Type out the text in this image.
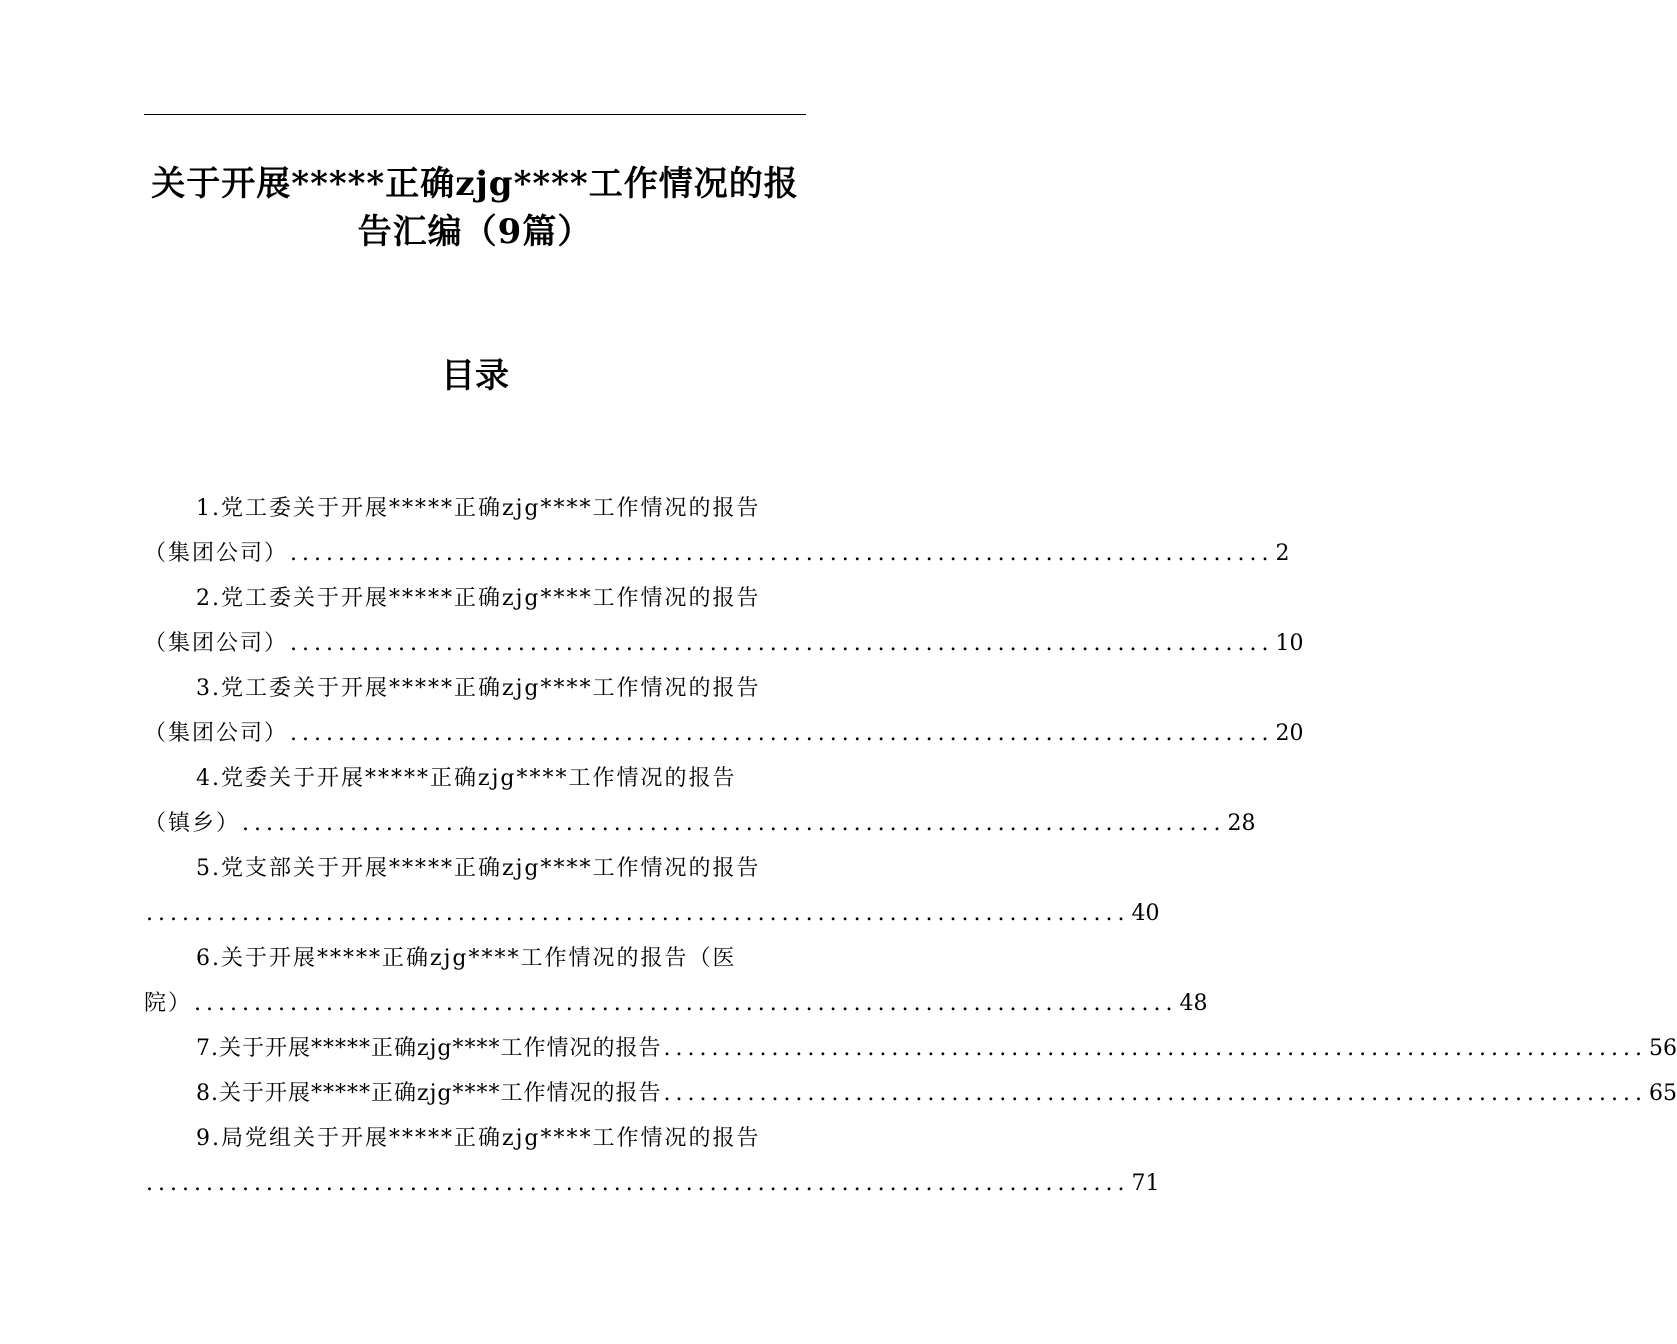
关于开展*****正确zjg****工作情况的报
告汇编（9篇）
目录
1.党工委关于开展*****正确zjg****工作情况的报告
（集团公司） .................................................................................. 2
2.党工委关于开展*****正确zjg****工作情况的报告
（集团公司） .................................................................................. 10
3.党工委关于开展*****正确zjg****工作情况的报告
（集团公司） .................................................................................. 20
4.党委关于开展*****正确zjg****工作情况的报告
（镇乡） .................................................................................. 28
5.党支部关于开展*****正确zjg****工作情况的报告
.................................................................................. 40
6.关于开展*****正确zjg****工作情况的报告（医
院） .................................................................................. 48
7.关于开展*****正确zjg****工作情况的报告 .................................................................................. 56
8.关于开展*****正确zjg****工作情况的报告 .................................................................................. 65
9.局党组关于开展*****正确zjg****工作情况的报告
.................................................................................. 71
